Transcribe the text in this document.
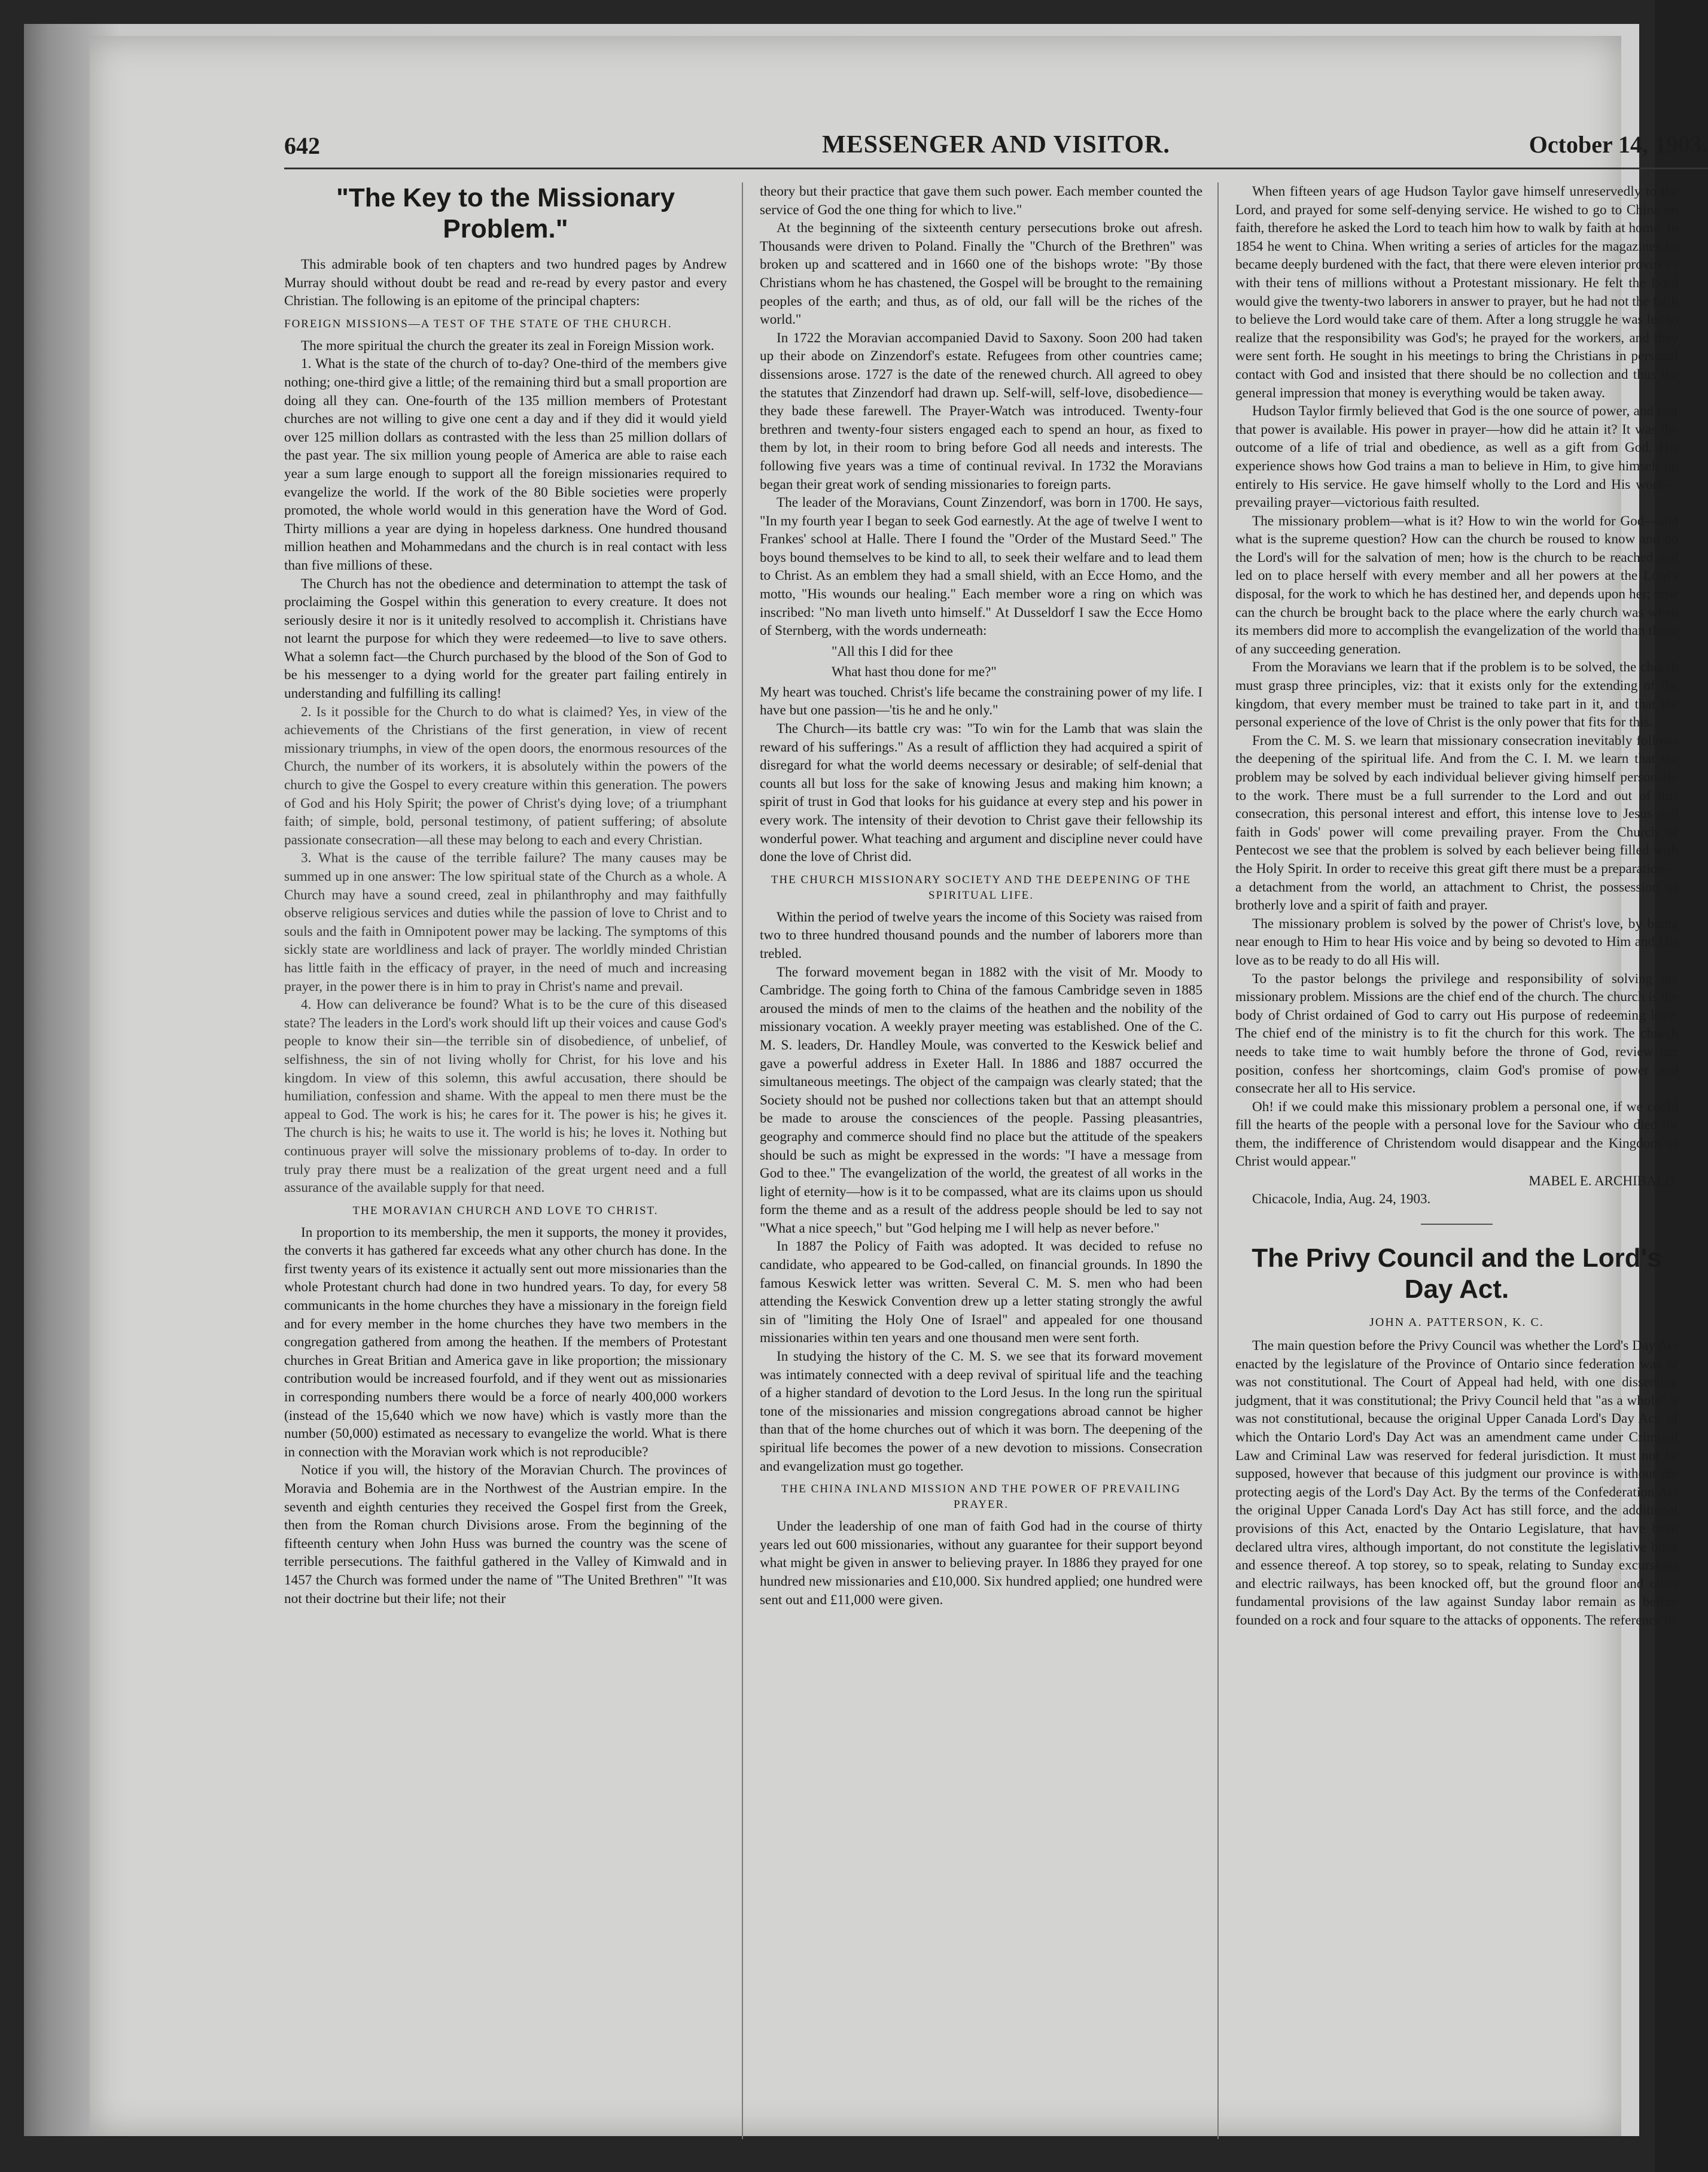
642	MESSENGER AND VISITOR.	October 14, 1903.
"The Key to the Missionary Problem."

This admirable book of ten chapters and two hundred pages by Andrew Murray should without doubt be read and re-read by every pastor and every Christian. The following is an epitome of the principal chapters:

FOREIGN MISSIONS—A TEST OF THE STATE OF THE CHURCH.

The more spiritual the church the greater its zeal in Foreign Mission work.

1. What is the state of the church of to-day? One-third of the members give nothing; one-third give a little; of the remaining third but a small proportion are doing all they can. One-fourth of the 135 million members of Protestant churches are not willing to give one cent a day and if they did it would yield over 125 million dollars as contrasted with the less than 25 million dollars of the past year. The six million young people of America are able to raise each year a sum large enough to support all the foreign missionaries required to evangelize the world. If the work of the 80 Bible societies were properly promoted, the whole world would in this generation have the Word of God. Thirty millions a year are dying in hopeless darkness. One hundred thousand million heathen and Mohammedans and the church is in real contact with less than five millions of these.

The Church has not the obedience and determination to attempt the task of proclaiming the Gospel within this generation to every creature. It does not seriously desire it nor is it unitedly resolved to accomplish it. Christians have not learnt the purpose for which they were redeemed—to live to save others. What a solemn fact—the Church purchased by the blood of the Son of God to be his messenger to a dying world for the greater part failing entirely in understanding and fulfilling its calling!

2. Is it possible for the Church to do what is claimed? Yes, in view of the achievements of the Christians of the first generation, in view of recent missionary triumphs, in view of the open doors, the enormous resources of the Church, the number of its workers, it is absolutely within the powers of the church to give the Gospel to every creature within this generation. The powers of God and his Holy Spirit; the power of Christ's dying love; of a triumphant faith; of simple, bold, personal testimony, of patient suffering; of absolute passionate consecration—all these may belong to each and every Christian.

3. What is the cause of the terrible failure? The many causes may be summed up in one answer: The low spiritual state of the Church as a whole. A Church may have a sound creed, zeal in philanthrophy and may faithfully observe religious services and duties while the passion of love to Christ and to souls and the faith in Omnipotent power may be lacking. The symptoms of this sickly state are worldliness and lack of prayer. The worldly minded Christian has little faith in the efficacy of prayer, in the need of much and increasing prayer, in the power there is in him to pray in Christ's name and prevail.

4. How can deliverance be found? What is to be the cure of this diseased state? The leaders in the Lord's work should lift up their voices and cause God's people to know their sin—the terrible sin of disobedience, of unbelief, of selfishness, the sin of not living wholly for Christ, for his love and his kingdom. In view of this solemn, this awful accusation, there should be humiliation, confession and shame. With the appeal to men there must be the appeal to God. The work is his; he cares for it. The power is his; he gives it. The church is his; he waits to use it. The world is his; he loves it. Nothing but continuous prayer will solve the missionary problems of to-day. In order to truly pray there must be a realization of the great urgent need and a full assurance of the available supply for that need.

THE MORAVIAN CHURCH AND LOVE TO CHRIST.

In proportion to its membership, the men it supports, the money it provides, the converts it has gathered far exceeds what any other church has done. In the first twenty years of its existence it actually sent out more missionaries than the whole Protestant church had done in two hundred years. To day, for every 58 communicants in the home churches they have a missionary in the foreign field and for every member in the home churches they have two members in the congregation gathered from among the heathen. If the members of Protestant churches in Great Britian and America gave in like proportion; the missionary contribution would be increased fourfold, and if they went out as missionaries in corresponding numbers there would be a force of nearly 400,000 workers (instead of the 15,640 which we now have) which is vastly more than the number (50,000) estimated as necessary to evangelize the world. What is there in connection with the Moravian work which is not reproducible?

Notice if you will, the history of the Moravian Church. The provinces of Moravia and Bohemia are in the Northwest of the Austrian empire. In the seventh and eighth centuries they received the Gospel first from the Greek, then from the Roman church Divisions arose. From the beginning of the fifteenth century when John Huss was burned the country was the scene of terrible persecutions. The faithful gathered in the Valley of Kimwald and in 1457 the Church was formed under the name of "The United Brethren" "It was not their doctrine but their life; not their

theory but their practice that gave them such power. Each member counted the service of God the one thing for which to live."

At the beginning of the sixteenth century persecutions broke out afresh. Thousands were driven to Poland. Finally the "Church of the Brethren" was broken up and scattered and in 1660 one of the bishops wrote: "By those Christians whom he has chastened, the Gospel will be brought to the remaining peoples of the earth; and thus, as of old, our fall will be the riches of the world."

In 1722 the Moravian accompanied David to Saxony. Soon 200 had taken up their abode on Zinzendorf's estate. Refugees from other countries came; dissensions arose. 1727 is the date of the renewed church. All agreed to obey the statutes that Zinzendorf had drawn up. Self-will, self-love, disobedience—they bade these farewell. The Prayer-Watch was introduced. Twenty-four brethren and twenty-four sisters engaged each to spend an hour, as fixed to them by lot, in their room to bring before God all needs and interests. The following five years was a time of continual revival. In 1732 the Moravians began their great work of sending missionaries to foreign parts.

The leader of the Moravians, Count Zinzendorf, was born in 1700. He says, "In my fourth year I began to seek God earnestly. At the age of twelve I went to Frankes' school at Halle. There I found the "Order of the Mustard Seed." The boys bound themselves to be kind to all, to seek their welfare and to lead them to Christ. As an emblem they had a small shield, with an Ecce Homo, and the motto, "His wounds our healing." Each member wore a ring on which was inscribed: "No man liveth unto himself." At Dusseldorf I saw the Ecce Homo of Sternberg, with the words underneath:

"All this I did for thee

What hast thou done for me?"

My heart was touched. Christ's life became the constraining power of my life. I have but one passion—'tis he and he only."

The Church—its battle cry was: "To win for the Lamb that was slain the reward of his sufferings." As a result of affliction they had acquired a spirit of disregard for what the world deems necessary or desirable; of self-denial that counts all but loss for the sake of knowing Jesus and making him known; a spirit of trust in God that looks for his guidance at every step and his power in every work. The intensity of their devotion to Christ gave their fellowship its wonderful power. What teaching and argument and discipline never could have done the love of Christ did.

THE CHURCH MISSIONARY SOCIETY AND THE DEEPENING OF THE SPIRITUAL LIFE.

Within the period of twelve years the income of this Society was raised from two to three hundred thousand pounds and the number of laborers more than trebled.

The forward movement began in 1882 with the visit of Mr. Moody to Cambridge. The going forth to China of the famous Cambridge seven in 1885 aroused the minds of men to the claims of the heathen and the nobility of the missionary vocation. A weekly prayer meeting was established. One of the C. M. S. leaders, Dr. Handley Moule, was converted to the Keswick belief and gave a powerful address in Exeter Hall. In 1886 and 1887 occurred the simultaneous meetings. The object of the campaign was clearly stated; that the Society should not be pushed nor collections taken but that an attempt should be made to arouse the consciences of the people. Passing pleasantries, geography and commerce should find no place but the attitude of the speakers should be such as might be expressed in the words: "I have a message from God to thee." The evangelization of the world, the greatest of all works in the light of eternity—how is it to be compassed, what are its claims upon us should form the theme and as a result of the address people should be led to say not "What a nice speech," but "God helping me I will help as never before."

In 1887 the Policy of Faith was adopted. It was decided to refuse no candidate, who appeared to be God-called, on financial grounds. In 1890 the famous Keswick letter was written. Several C. M. S. men who had been attending the Keswick Convention drew up a letter stating strongly the awful sin of "limiting the Holy One of Israel" and appealed for one thousand missionaries within ten years and one thousand men were sent forth.

In studying the history of the C. M. S. we see that its forward movement was intimately connected with a deep revival of spiritual life and the teaching of a higher standard of devotion to the Lord Jesus. In the long run the spiritual tone of the missionaries and mission congregations abroad cannot be higher than that of the home churches out of which it was born. The deepening of the spiritual life becomes the power of a new devotion to missions. Consecration and evangelization must go together.

THE CHINA INLAND MISSION AND THE POWER OF PREVAILING PRAYER.

Under the leadership of one man of faith God had in the course of thirty years led out 600 missionaries, without any guarantee for their support beyond what might be given in answer to believing prayer. In 1886 they prayed for one hundred new missionaries and £10,000. Six hundred applied; one hundred were sent out and £11,000 were given.

When fifteen years of age Hudson Taylor gave himself unreservedly to the Lord, and prayed for some self-denying service. He wished to go to China on faith, therefore he asked the Lord to teach him how to walk by faith at home. In 1854 he went to China. When writing a series of articles for the magazines he became deeply burdened with the fact, that there were eleven interior provinces with their tens of millions without a Protestant missionary. He felt the Lord would give the twenty-two laborers in answer to prayer, but he had not the faith to believe the Lord would take care of them. After a long struggle he was led to realize that the responsibility was God's; he prayed for the workers, and they were sent forth. He sought in his meetings to bring the Christians in personal contact with God and insisted that there should be no collection and thus the general impression that money is everything would be taken away.

Hudson Taylor firmly believed that God is the one source of power, and that that power is available. His power in prayer—how did he attain it? It was the outcome of a life of trial and obedience, as well as a gift from God. His experience shows how God trains a man to believe in Him, to give himself up entirely to His service. He gave himself wholly to the Lord and His work—prevailing prayer—victorious faith resulted.

The missionary problem—what is it? How to win the world for God—and what is the supreme question? How can the church be roused to know and do the Lord's will for the salvation of men; how is the church to be reached and led on to place herself with every member and all her powers at the Lord's disposal, for the work to which he has destined her, and depends upon her; how can the church be brought back to the place where the early church was when its members did more to accomplish the evangelization of the world than those of any succeeding generation.

From the Moravians we learn that if the problem is to be solved, the church must grasp three principles, viz: that it exists only for the extending of the kingdom, that every member must be trained to take part in it, and that the personal experience of the love of Christ is the only power that fits for this.

From the C. M. S. we learn that missionary consecration inevitably follows the deepening of the spiritual life. And from the C. I. M. we learn that the problem may be solved by each individual believer giving himself personally to the work. There must be a full surrender to the Lord and out of this consecration, this personal interest and effort, this intense love to Jesus and faith in Gods' power will come prevailing prayer. From the Church of Pentecost we see that the problem is solved by each believer being filled with the Holy Spirit. In order to receive this great gift there must be a preparation—a detachment from the world, an attachment to Christ, the possession of brotherly love and a spirit of faith and prayer.

The missionary problem is solved by the power of Christ's love, by being near enough to Him to hear His voice and by being so devoted to Him and His love as to be ready to do all His will.

To the pastor belongs the privilege and responsibility of solving the missionary problem. Missions are the chief end of the church. The church is the body of Christ ordained of God to carry out His purpose of redeeming love. The chief end of the ministry is to fit the church for this work. The church needs to take time to wait humbly before the throne of God, review her position, confess her shortcomings, claim God's promise of power and consecrate her all to His service.

Oh! if we could make this missionary problem a personal one, if we could fill the hearts of the people with a personal love for the Saviour who died for them, the indifference of Christendom would disappear and the Kingdom of Christ would appear."

MABEL E. ARCHIBALD.

Chicacole, India, Aug. 24, 1903.

The Privy Council and the Lord's Day Act.
JOHN A. PATTERSON, K. C.

The main question before the Privy Council was whether the Lord's Day Act enacted by the legislature of the Province of Ontario since federation was or was not constitutional. The Court of Appeal had held, with one dissenting judgment, that it was constitutional; the Privy Council held that "as a whole" it was not constitutional, because the original Upper Canada Lord's Day Act, of which the Ontario Lord's Day Act was an amendment came under Criminal Law and Criminal Law was reserved for federal jurisdiction. It must not be supposed, however that because of this judgment our province is without the protecting aegis of the Lord's Day Act. By the terms of the Confederation Act the original Upper Canada Lord's Day Act has still force, and the additional provisions of this Act, enacted by the Ontario Legislature, that have been declared ultra vires, although important, do not constitute the legislative bone and essence thereof. A top storey, so to speak, relating to Sunday excursions and electric railways, has been knocked off, but the ground floor and other fundamental provisions of the law against Sunday labor remain as before founded on a rock and four square to the attacks of opponents. The reference to
